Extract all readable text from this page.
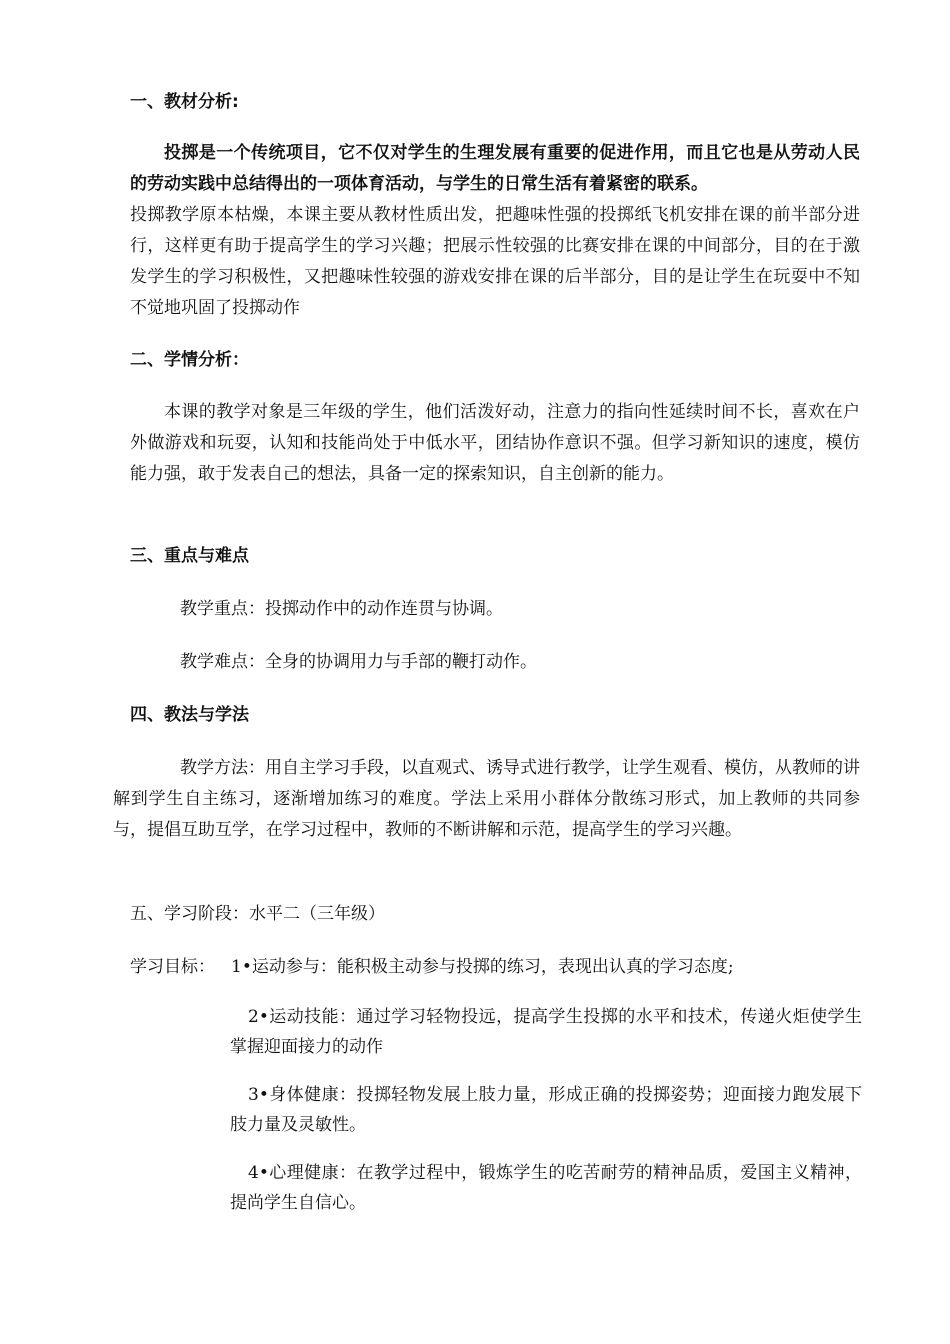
一、教材分析:

投掷是一个传统项目，它不仅对学生的生理发展有重要的促进作用，而且它也是从劳动人民的劳动实践中总结得出的一项体育活动，与学生的日常生活有着紧密的联系。

投掷教学原本枯燥，本课主要从教材性质出发，把趣味性强的投掷纸飞机安排在课的前半部分进行，这样更有助于提高学生的学习兴趣；把展示性较强的比赛安排在课的中间部分，目的在于激发学生的学习积极性，又把趣味性较强的游戏安排在课的后半部分，目的是让学生在玩耍中不知不觉地巩固了投掷动作

二、学情分析：

本课的教学对象是三年级的学生，他们活泼好动，注意力的指向性延续时间不长，喜欢在户外做游戏和玩耍，认知和技能尚处于中低水平，团结协作意识不强。但学习新知识的速度，模仿能力强，敢于发表自己的想法，具备一定的探索知识，自主创新的能力。

三、重点与难点

教学重点：投掷动作中的动作连贯与协调。

教学难点：全身的协调用力与手部的鞭打动作。

四、教法与学法

教学方法：用自主学习手段，以直观式、诱导式进行教学，让学生观看、模仿，从教师的讲解到学生自主练习，逐渐增加练习的难度。学法上采用小群体分散练习形式，加上教师的共同参与，提倡互助互学，在学习过程中，教师的不断讲解和示范，提高学生的学习兴趣。

五、学习阶段：水平二（三年级）

学习目标： 1•运动参与：能积极主动参与投掷的练习，表现出认真的学习态度;

2•运动技能：通过学习轻物投远，提高学生投掷的水平和技术，传递火炬使学生掌握迎面接力的动作

3•身体健康：投掷轻物发展上肢力量，形成正确的投掷姿势；迎面接力跑发展下肢力量及灵敏性。

4•心理健康：在教学过程中，锻炼学生的吃苦耐劳的精神品质，爱国主义精神，提尚学生自信心。
